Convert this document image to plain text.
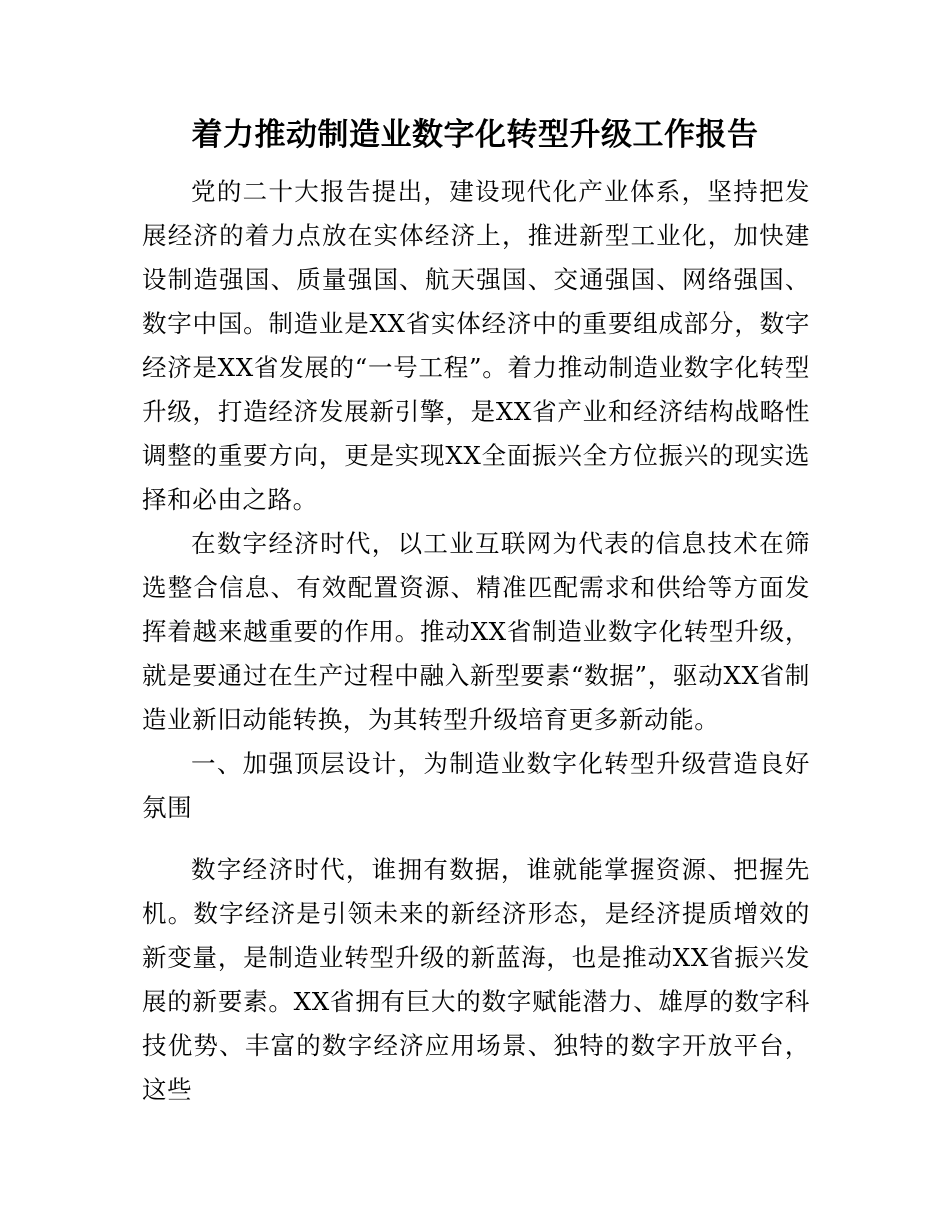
着力推动制造业数字化转型升级工作报告

党的二十大报告提出，建设现代化产业体系，坚持把发展经济的着力点放在实体经济上，推进新型工业化，加快建设制造强国、质量强国、航天强国、交通强国、网络强国、数字中国。制造业是XX省实体经济中的重要组成部分，数字经济是XX省发展的“一号工程”。着力推动制造业数字化转型升级，打造经济发展新引擎，是XX省产业和经济结构战略性调整的重要方向，更是实现XX全面振兴全方位振兴的现实选择和必由之路。

在数字经济时代，以工业互联网为代表的信息技术在筛选整合信息、有效配置资源、精准匹配需求和供给等方面发挥着越来越重要的作用。推动XX省制造业数字化转型升级，就是要通过在生产过程中融入新型要素“数据”，驱动XX省制造业新旧动能转换，为其转型升级培育更多新动能。

一、加强顶层设计，为制造业数字化转型升级营造良好氛围

数字经济时代，谁拥有数据，谁就能掌握资源、把握先机。数字经济是引领未来的新经济形态，是经济提质增效的新变量，是制造业转型升级的新蓝海，也是推动XX省振兴发展的新要素。XX省拥有巨大的数字赋能潜力、雄厚的数字科技优势、丰富的数字经济应用场景、独特的数字开放平台，这些
